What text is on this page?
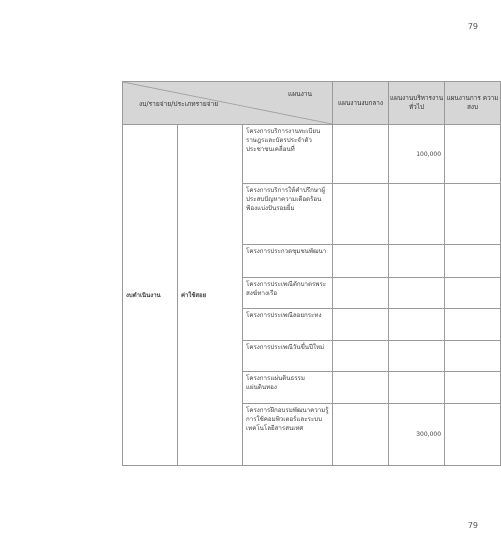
79
แผนงาน
งบ/รายจ่าย/ประเภทรายจ่าย			แผนงานงบกลาง	แผนงานบริหารงานทั่วไป	แผนงานการ ความสงบ
งบดำเนินงาน	ค่าใช้สอย	โครงการบริการงานทะเบียนราษฎรและบัตรประจำตัวประชาชนเคลื่อนที่		100,000	
		โครงการบริการให้คำปรึกษาผู้ประสบปัญหาความเดือดร้อน ฟ้องแบ่งปันรอยยิ้ม			
		โครงการประกวดชุมชนพัฒนา			
		โครงการประเพณีตักบาตรพระสงฆ์ทางเรือ			
		โครงการประเพณีลอยกระทง			
		โครงการประเพณีวันขึ้นปีใหม่			
		โครงการแผ่นดินธรรมแผ่นดินทอง			
		โครงการฝึกอบรมพัฒนาความรู้การใช้คอมพิวเตอร์และระบบเทคโนโลยีสารสนเทศ		300,000	
79
